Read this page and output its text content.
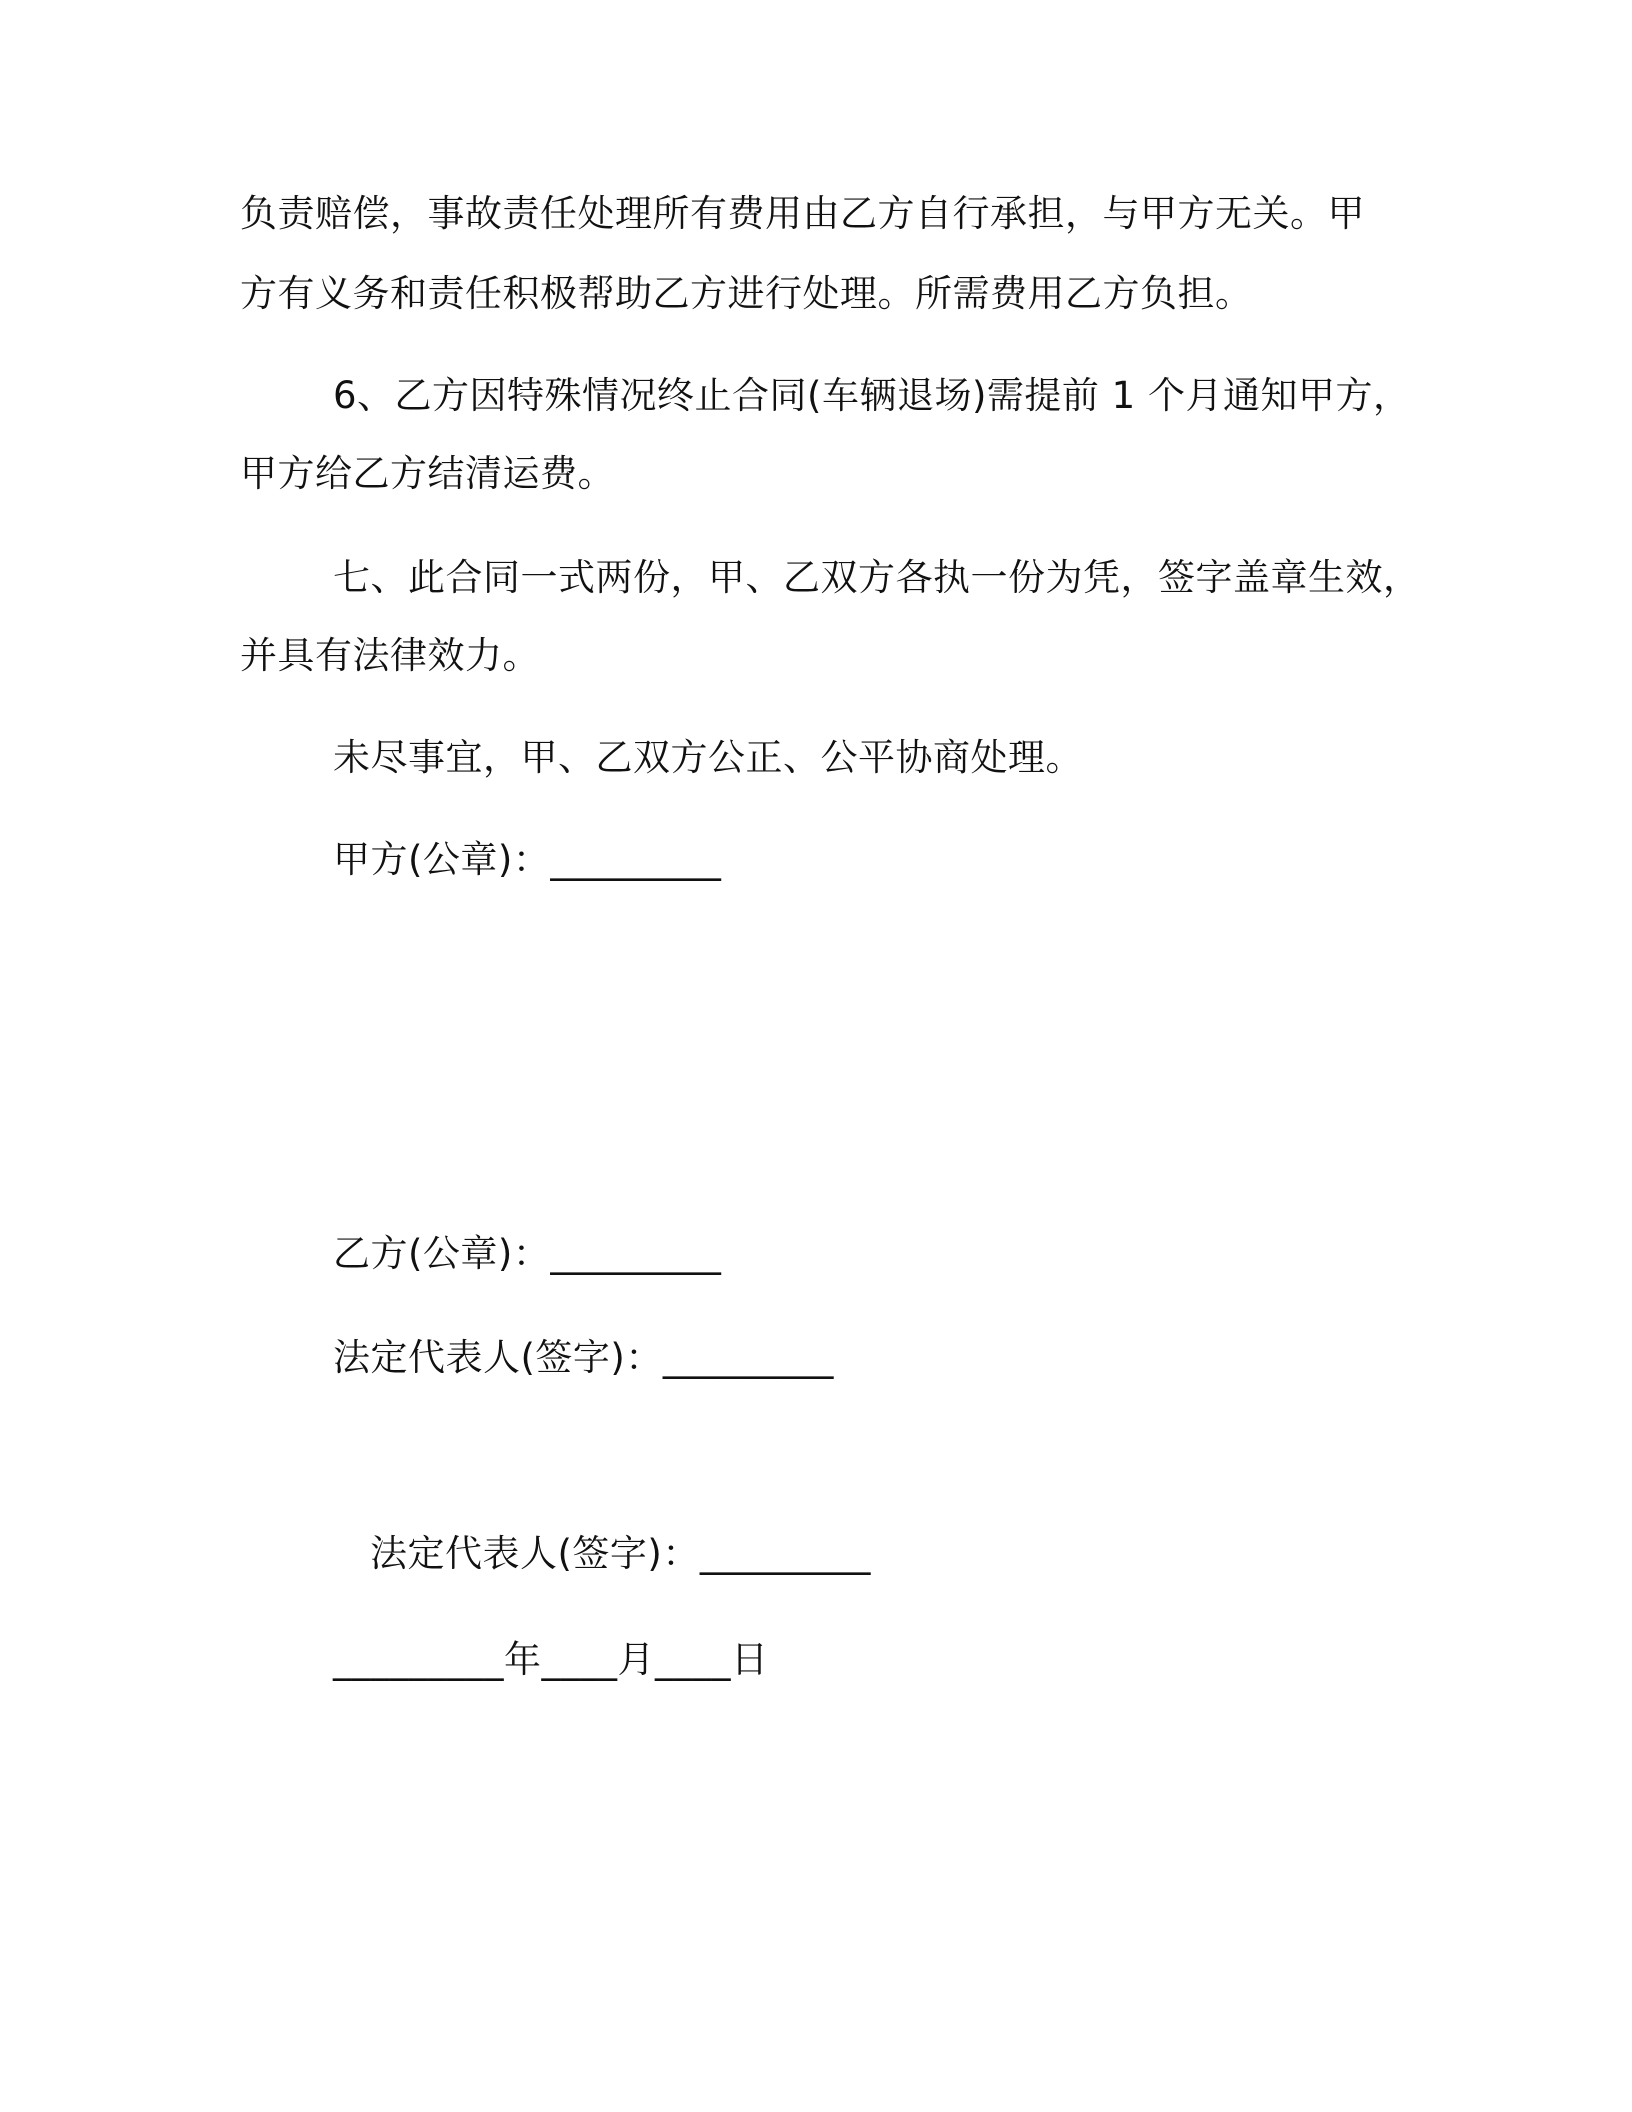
负责赔偿，事故责任处理所有费用由乙方自行承担，与甲方无关。甲
方有义务和责任积极帮助乙方进行处理。所需费用乙方负担。
6、乙方因特殊情况终止合同(车辆退场)需提前 1 个月通知甲方，
甲方给乙方结清运费。
七、此合同一式两份，甲、乙双方各执一份为凭，签字盖章生效，
并具有法律效力。
未尽事宜，甲、乙双方公正、公平协商处理。
甲方(公章)：_________
乙方(公章)：_________
法定代表人(签字)：_________
法定代表人(签字)：_________
_________年____月____日
